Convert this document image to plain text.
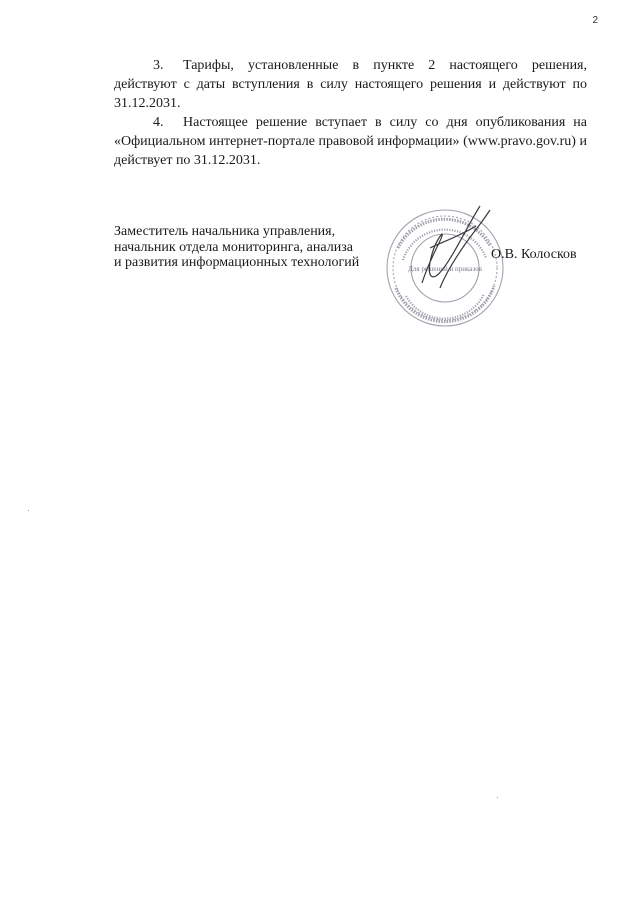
2

3. Тарифы, установленные в пункте 2 настоящего решения, действуют с даты вступления в силу настоящего решения и действуют по 31.12.2031.

4. Настоящее решение вступает в силу со дня опубликования на «Официальном интернет-портале правовой информации» (www.pravo.gov.ru) и действует по 31.12.2031.

Заместитель начальника управления,
начальник отдела мониторинга, анализа
и развития информационных технологий	Для решений и приказов
О.В. Колосков
